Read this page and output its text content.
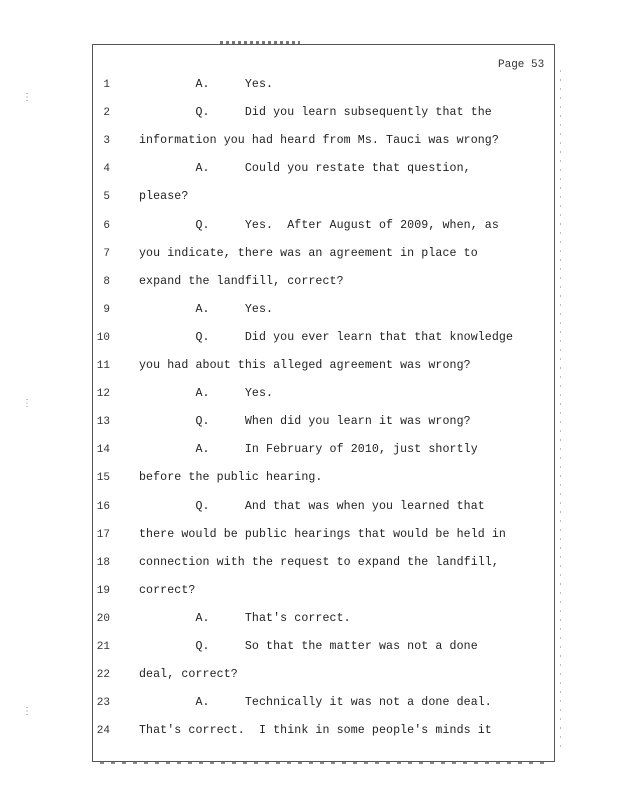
Page 53
⋮
⋮
⋮
1	A.     Yes.
2	Q.     Did you learn subsequently that the
3	information you had heard from Ms. Tauci was wrong?
4	A.     Could you restate that question,
5	please?
6	Q.     Yes.  After August of 2009, when, as
7	you indicate, there was an agreement in place to
8	expand the landfill, correct?
9	A.     Yes.
10	Q.     Did you ever learn that that knowledge
11	you had about this alleged agreement was wrong?
12	A.     Yes.
13	Q.     When did you learn it was wrong?
14	A.     In February of 2010, just shortly
15	before the public hearing.
16	Q.     And that was when you learned that
17	there would be public hearings that would be held in
18	connection with the request to expand the landfill,
19	correct?
20	A.     That's correct.
21	Q.     So that the matter was not a done
22	deal, correct?
23	A.     Technically it was not a done deal.
24	That's correct.  I think in some people's minds it
